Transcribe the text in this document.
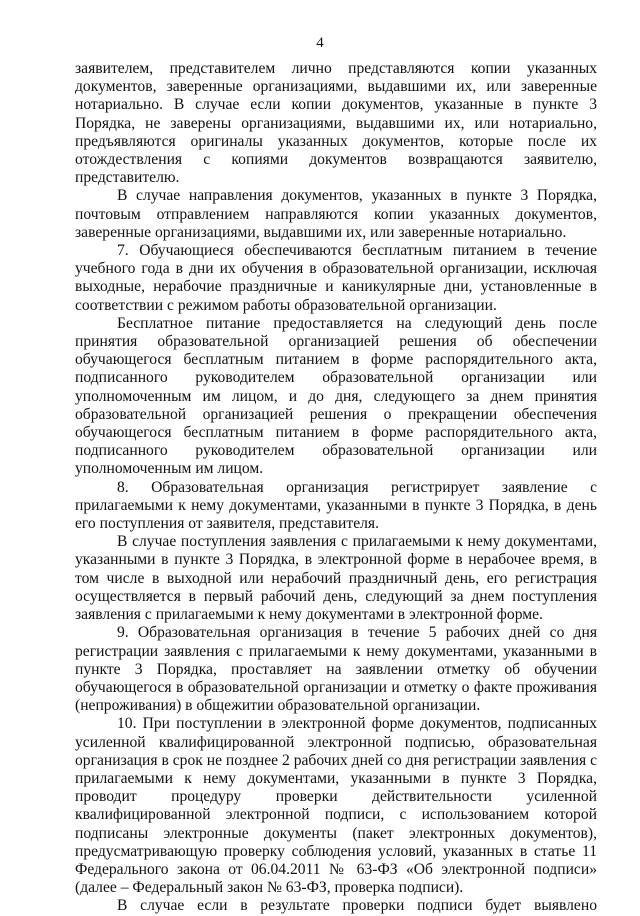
4

заявителем, представителем лично представляются копии указанных документов, заверенные организациями, выдавшими их, или заверенные нотариально. В случае если копии документов, указанные в пункте 3 Порядка, не заверены организациями, выдавшими их, или нотариально, предъявляются оригиналы указанных документов, которые после их отождествления с копиями документов возвращаются заявителю, представителю.

В случае направления документов, указанных в пункте 3 Порядка, почтовым отправлением направляются копии указанных документов, заверенные организациями, выдавшими их, или заверенные нотариально.

7. Обучающиеся обеспечиваются бесплатным питанием в течение учебного года в дни их обучения в образовательной организации, исключая выходные, нерабочие праздничные и каникулярные дни, установленные в соответствии с режимом работы образовательной организации.

Бесплатное питание предоставляется на следующий день после принятия образовательной организацией решения об обеспечении обучающегося бесплатным питанием в форме распорядительного акта, подписанного руководителем образовательной организации или уполномоченным им лицом, и до дня, следующего за днем принятия образовательной организацией решения о прекращении обеспечения обучающегося бесплатным питанием в форме распорядительного акта, подписанного руководителем образовательной организации или уполномоченным им лицом.

8. Образовательная организация регистрирует заявление с прилагаемыми к нему документами, указанными в пункте 3 Порядка, в день его поступления от заявителя, представителя.

В случае поступления заявления с прилагаемыми к нему документами, указанными в пункте 3 Порядка, в электронной форме в нерабочее время, в том числе в выходной или нерабочий праздничный день, его регистрация осуществляется в первый рабочий день, следующий за днем поступления заявления с прилагаемыми к нему документами в электронной форме.

9. Образовательная организация в течение 5 рабочих дней со дня регистрации заявления с прилагаемыми к нему документами, указанными в пункте 3 Порядка, проставляет на заявлении отметку об обучении обучающегося в образовательной организации и отметку о факте проживания (непроживания) в общежитии образовательной организации.

10. При поступлении в электронной форме документов, подписанных усиленной квалифицированной электронной подписью, образовательная организация в срок не позднее 2 рабочих дней со дня регистрации заявления с прилагаемыми к нему документами, указанными в пункте 3 Порядка, проводит процедуру проверки действительности усиленной квалифицированной электронной подписи, с использованием которой подписаны электронные документы (пакет электронных документов), предусматривающую проверку соблюдения условий, указанных в статье 11 Федерального закона от 06.04.2011 № 63-ФЗ «Об электронной подписи» (далее – Федеральный закон № 63-ФЗ, проверка подписи).

В случае если в результате проверки подписи будет выявлено
